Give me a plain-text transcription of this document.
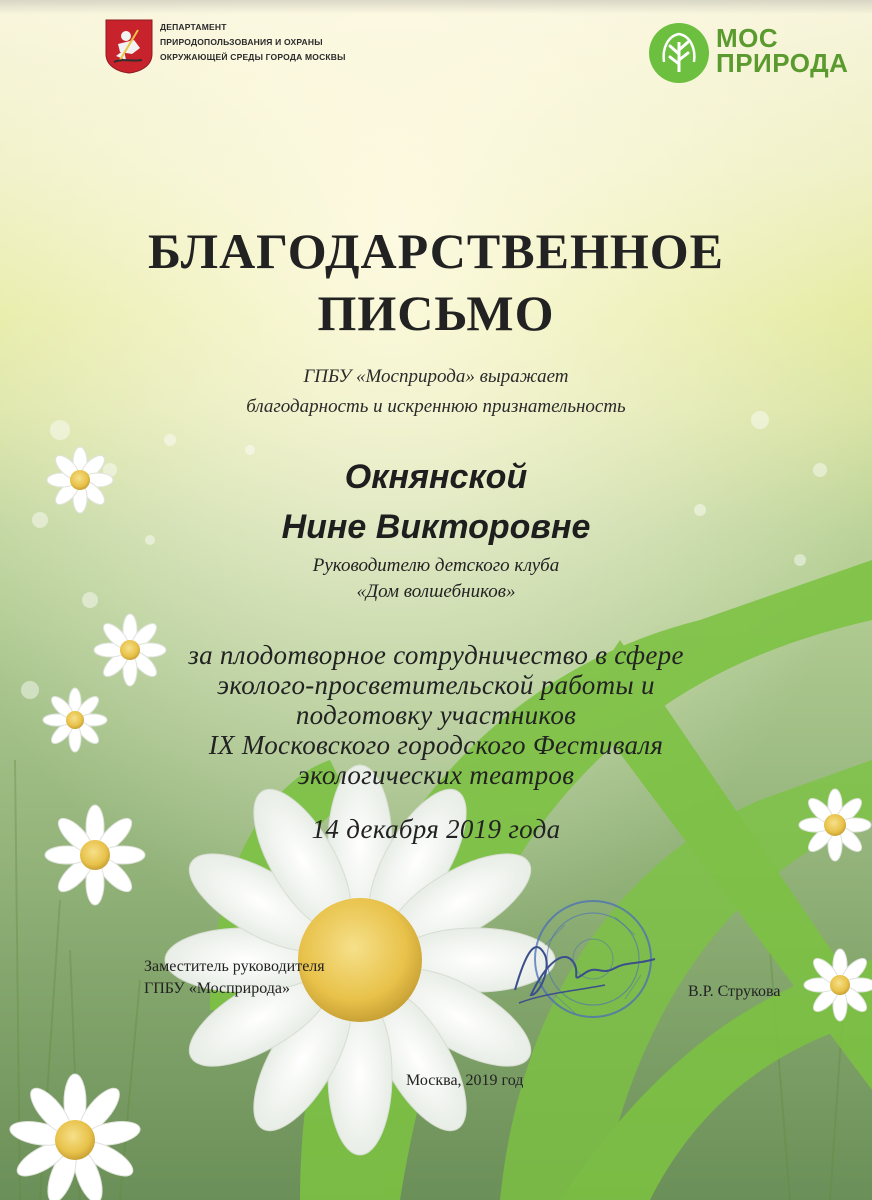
ДЕПАРТАМЕНТ
ПРИРОДОПОЛЬЗОВАНИЯ И ОХРАНЫ
ОКРУЖАЮЩЕЙ СРЕДЫ ГОРОДА МОСКВЫ
МОС
ПРИРОДА
БЛАГОДАРСТВЕННОЕ
ПИСЬМО
ГПБУ «Мосприрода» выражает
благодарность и искреннюю признательность
Окнянской
Нине Викторовне
Руководителю детского клуба
«Дом волшебников»
за плодотворное сотрудничество в сфере
эколого-просветительской работы и
подготовку участников
IX Московского городского Фестиваля
экологических театров
14 декабря 2019 года
Заместитель руководителя
ГПБУ «Мосприрода»	В.Р. Струкова
Москва, 2019 год
